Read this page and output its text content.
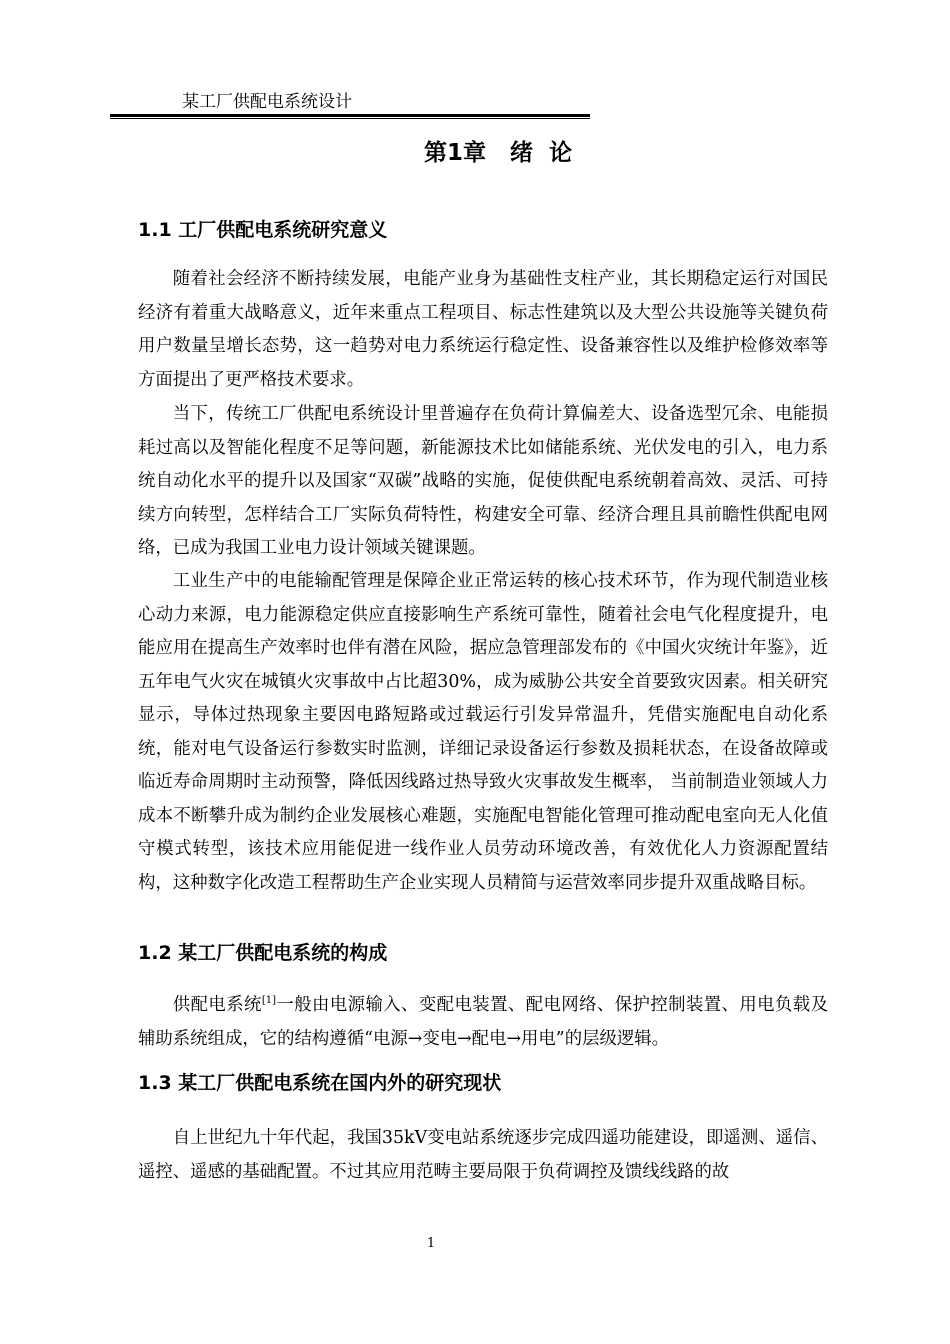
某工厂供配电系统设计
第1章   绪  论
1.1 工厂供配电系统研究意义

随着社会经济不断持续发展，电能产业身为基础性支柱产业，其长期稳定运行对国民经济有着重大战略意义，近年来重点工程项目、标志性建筑以及大型公共设施等关键负荷用户数量呈增长态势，这一趋势对电力系统运行稳定性、设备兼容性以及维护检修效率等方面提出了更严格技术要求。

当下，传统工厂供配电系统设计里普遍存在负荷计算偏差大、设备选型冗余、电能损耗过高以及智能化程度不足等问题，新能源技术比如储能系统、光伏发电的引入，电力系统自动化水平的提升以及国家“双碳”战略的实施，促使供配电系统朝着高效、灵活、可持续方向转型，怎样结合工厂实际负荷特性，构建安全可靠、经济合理且具前瞻性供配电网络，已成为我国工业电力设计领域关键课题。

工业生产中的电能输配管理是保障企业正常运转的核心技术环节，作为现代制造业核心动力来源，电力能源稳定供应直接影响生产系统可靠性，随着社会电气化程度提升，电能应用在提高生产效率时也伴有潜在风险，据应急管理部发布的《中国火灾统计年鉴》，近五年电气火灾在城镇火灾事故中占比超30%，成为威胁公共安全首要致灾因素。相关研究显示，导体过热现象主要因电路短路或过载运行引发异常温升，凭借实施配电自动化系统，能对电气设备运行参数实时监测，详细记录设备运行参数及损耗状态，在设备故障或临近寿命周期时主动预警，降低因线路过热导致火灾事故发生概率， 当前制造业领域人力成本不断攀升成为制约企业发展核心难题，实施配电智能化管理可推动配电室向无人化值守模式转型，该技术应用能促进一线作业人员劳动环境改善，有效优化人力资源配置结构，这种数字化改造工程帮助生产企业实现人员精简与运营效率同步提升双重战略目标。

1.2 某工厂供配电系统的构成

供配电系统[1]一般由电源输入、变配电装置、配电网络、保护控制装置、用电负载及辅助系统组成，它的结构遵循“电源→变电→配电→用电”的层级逻辑。

1.3 某工厂供配电系统在国内外的研究现状

自上世纪九十年代起，我国35kV变电站系统逐步完成四遥功能建设，即遥测、遥信、遥控、遥感的基础配置。不过其应用范畴主要局限于负荷调控及馈线线路的故

1
